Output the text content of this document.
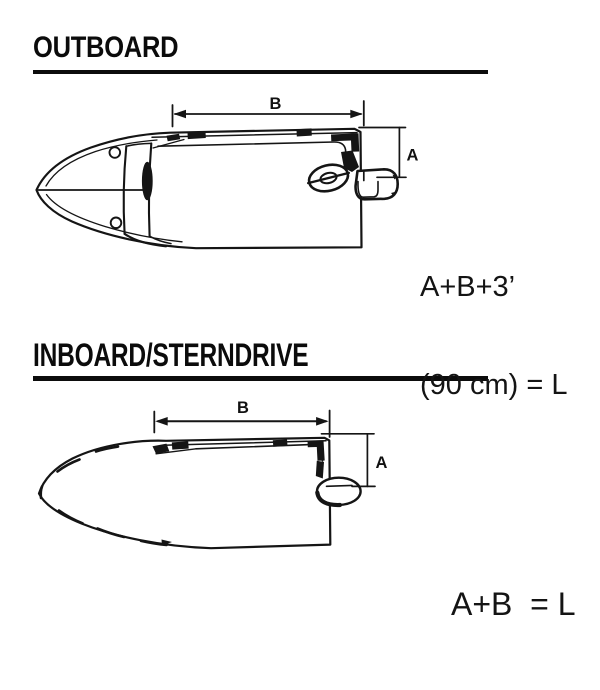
OUTBOARD
INBOARD/STERNDRIVE

A+B+3’

(90 cm) = L

A+B  = L

B
A
B
A
